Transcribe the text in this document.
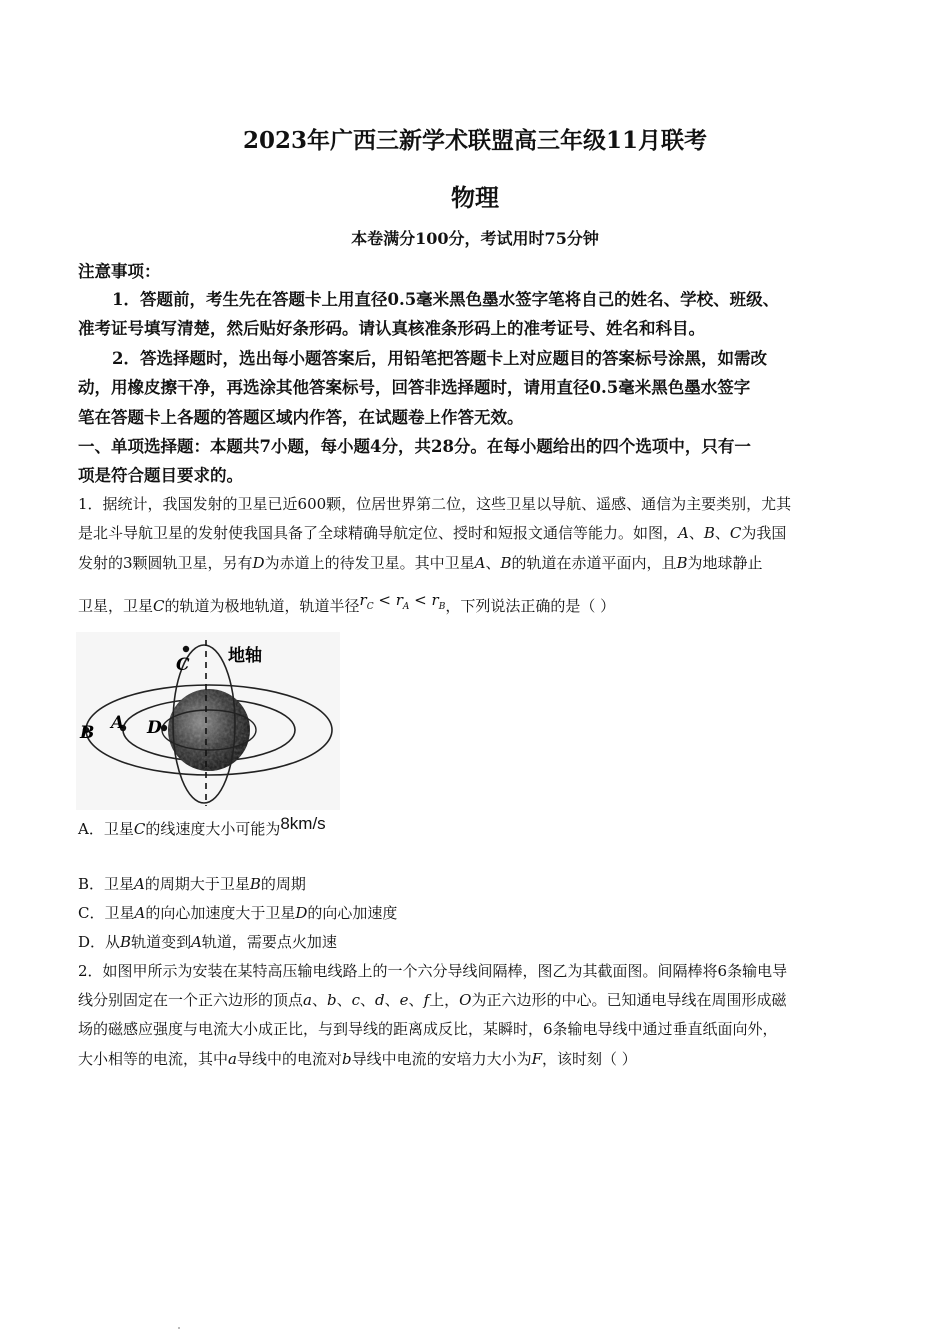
2023年广西三新学术联盟高三年级11月联考
物理
本卷满分100分，考试用时75分钟
注意事项：
1．答题前，考生先在答题卡上用直径0.5毫米黑色墨水签字笔将自己的姓名、学校、班级、
准考证号填写清楚，然后贴好条形码。请认真核准条形码上的准考证号、姓名和科目。
2．答选择题时，选出每小题答案后，用铅笔把答题卡上对应题目的答案标号涂黑，如需改
动，用橡皮擦干净，再选涂其他答案标号，回答非选择题时，请用直径0.5毫米黑色墨水签字
笔在答题卡上各题的答题区域内作答，在试题卷上作答无效。
一、单项选择题：本题共7小题，每小题4分，共28分。在每小题给出的四个选项中，只有一
项是符合题目要求的。
1．据统计，我国发射的卫星已近600颗，位居世界第二位，这些卫星以导航、遥感、通信为主要类别，尤其
是北斗导航卫星的发射使我国具备了全球精确导航定位、授时和短报文通信等能力。如图，A、B、C为我国
发射的3颗圆轨卫星，另有D为赤道上的待发卫星。其中卫星A、B的轨道在赤道平面内，且B为地球静止
卫星，卫星C的轨道为极地轨道，轨道半径$r_C < r_A < r_B$，下列说法正确的是（ ）
C
B A D
地轴
A．卫星C的线速度大小可能为8km/s
B．卫星A的周期大于卫星B的周期
C．卫星A的向心加速度大于卫星D的向心加速度
D．从B轨道变到A轨道，需要点火加速
2．如图甲所示为安装在某特高压输电线路上的一个六分导线间隔棒，图乙为其截面图。间隔棒将6条输电导
线分别固定在一个正六边形的顶点a、b、c、d、e、f上，O为正六边形的中心。已知通电导线在周围形成磁
场的磁感应强度与电流大小成正比，与到导线的距离成反比，某瞬时，6条输电导线中通过垂直纸面向外，
大小相等的电流，其中a导线中的电流对b导线中电流的安培力大小为F，该时刻（ ）
